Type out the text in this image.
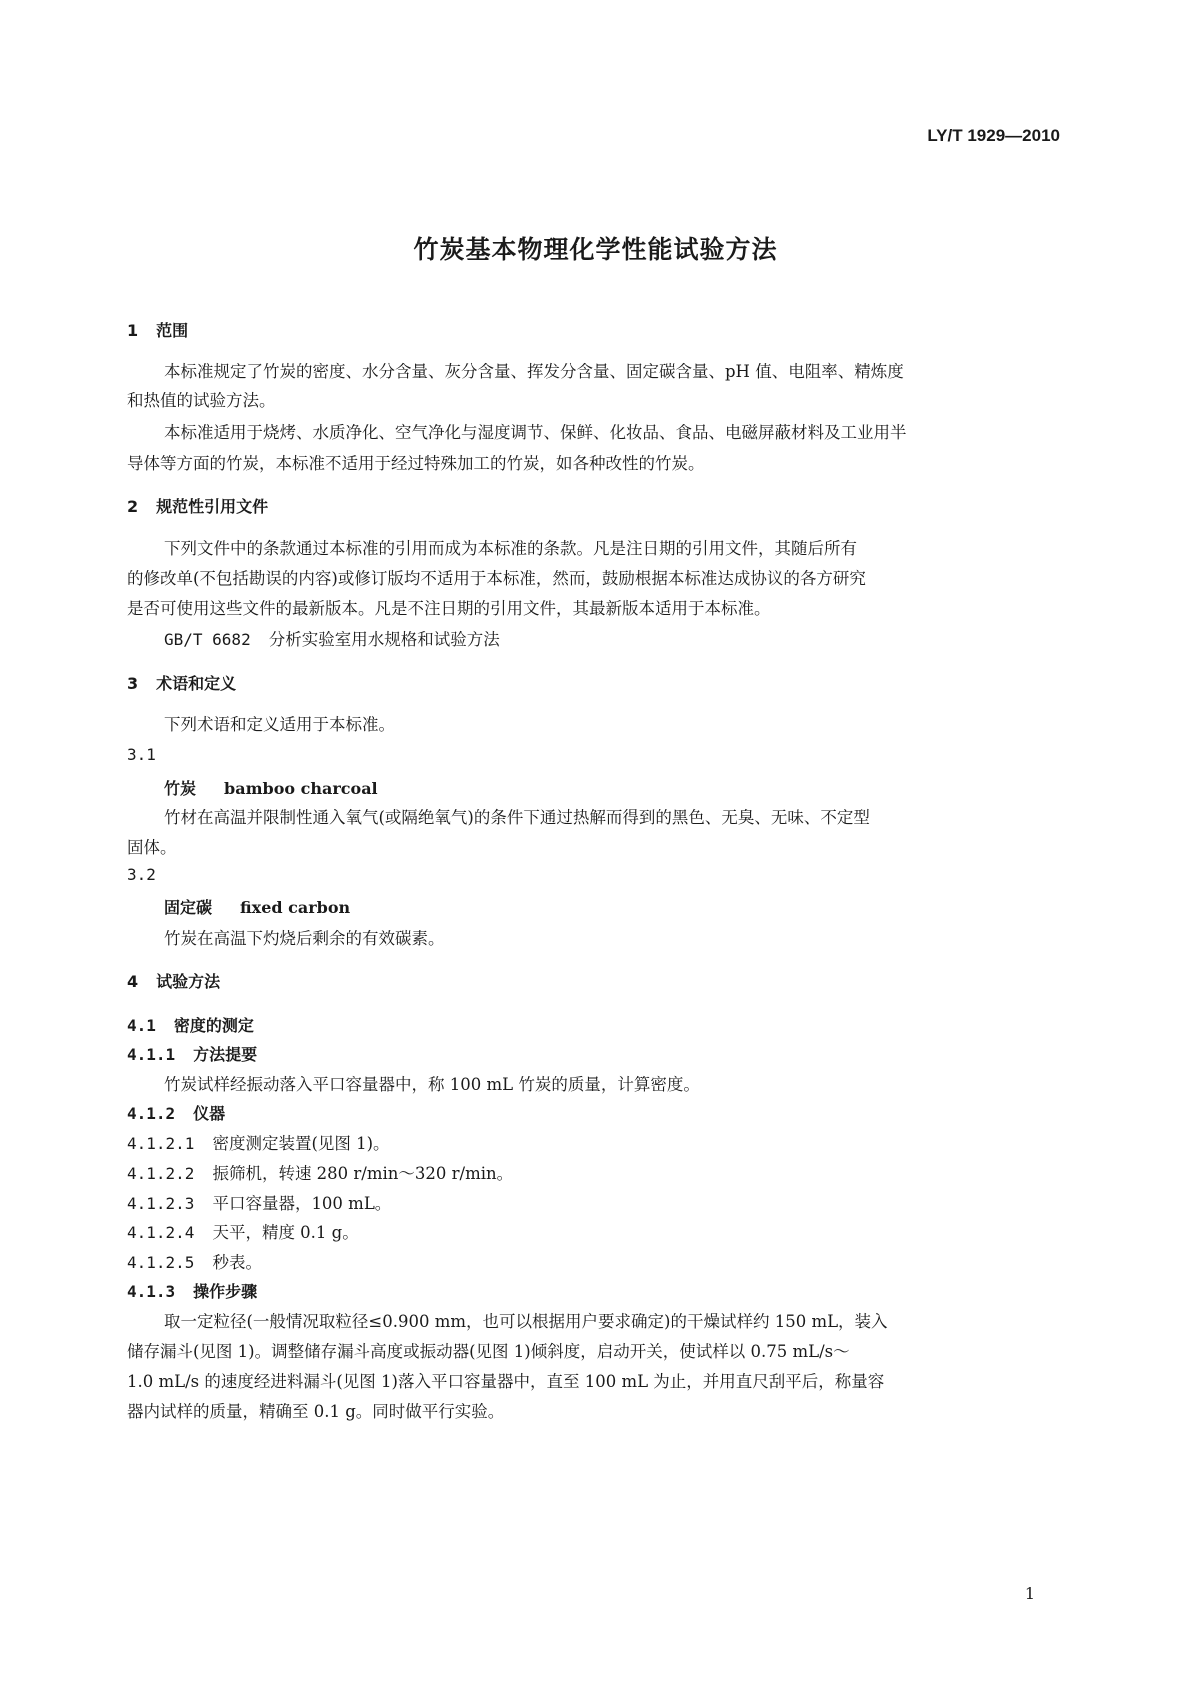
LY/T 1929—2010
竹炭基本物理化学性能试验方法
1 范围
本标准规定了竹炭的密度、水分含量、灰分含量、挥发分含量、固定碳含量、pH 值、电阻率、精炼度
和热值的试验方法。
本标准适用于烧烤、水质净化、空气净化与湿度调节、保鲜、化妆品、食品、电磁屏蔽材料及工业用半
导体等方面的竹炭，本标准不适用于经过特殊加工的竹炭，如各种改性的竹炭。
2 规范性引用文件
下列文件中的条款通过本标准的引用而成为本标准的条款。凡是注日期的引用文件，其随后所有
的修改单(不包括勘误的内容)或修订版均不适用于本标准，然而，鼓励根据本标准达成协议的各方研究
是否可使用这些文件的最新版本。凡是不注日期的引用文件，其最新版本适用于本标准。
GB/T 6682 分析实验室用水规格和试验方法
3 术语和定义
下列术语和定义适用于本标准。
3.1
竹炭 bamboo charcoal
竹材在高温并限制性通入氧气(或隔绝氧气)的条件下通过热解而得到的黑色、无臭、无味、不定型
固体。
3.2
固定碳 fixed carbon
竹炭在高温下灼烧后剩余的有效碳素。
4 试验方法
4.1 密度的测定
4.1.1 方法提要
竹炭试样经振动落入平口容量器中，称 100 mL 竹炭的质量，计算密度。
4.1.2 仪器
4.1.2.1 密度测定装置(见图 1)。
4.1.2.2 振筛机，转速 280 r/min～320 r/min。
4.1.2.3 平口容量器，100 mL。
4.1.2.4 天平，精度 0.1 g。
4.1.2.5 秒表。
4.1.3 操作步骤
取一定粒径(一般情况取粒径≤0.900 mm，也可以根据用户要求确定)的干燥试样约 150 mL，装入
储存漏斗(见图 1)。调整储存漏斗高度或振动器(见图 1)倾斜度，启动开关，使试样以 0.75 mL/s～
1.0 mL/s 的速度经进料漏斗(见图 1)落入平口容量器中，直至 100 mL 为止，并用直尺刮平后，称量容
器内试样的质量，精确至 0.1 g。同时做平行实验。
1
